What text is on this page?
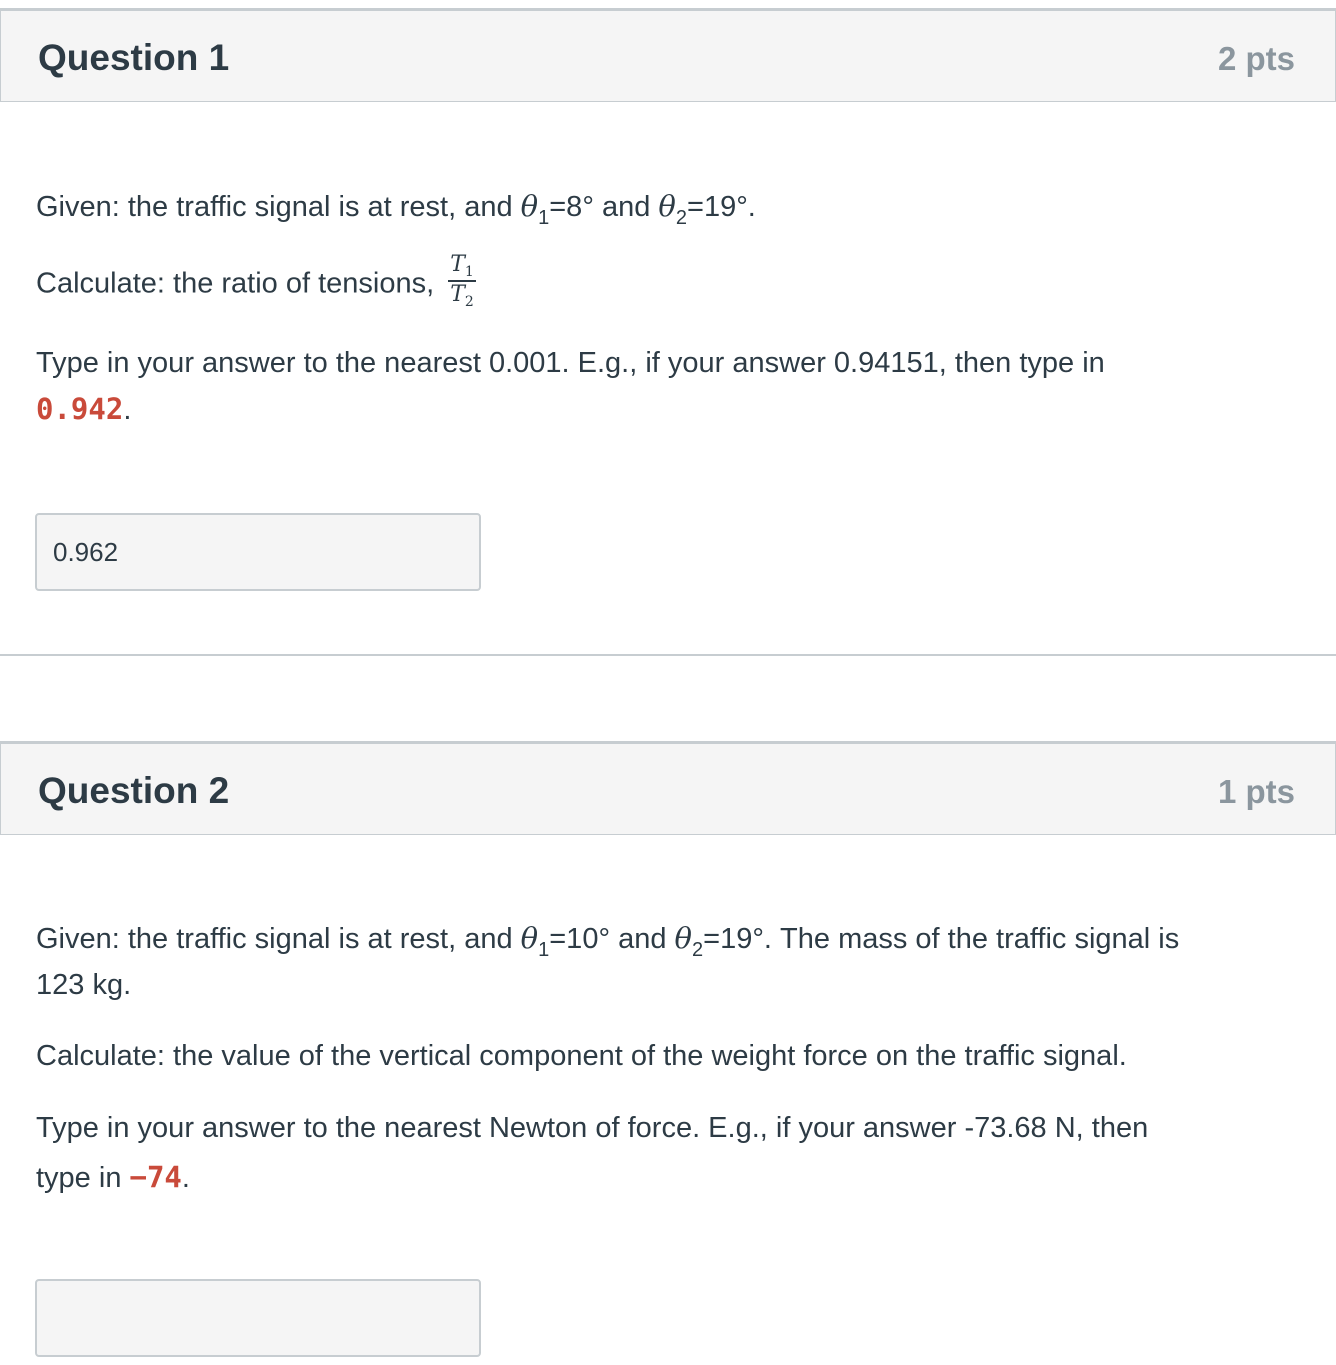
Question 1	2 pts
Given: the traffic signal is at rest, and $\theta_1=8^\circ$ and $\theta_2=19^\circ$.
Calculate: the ratio of tensions, $\frac{T_1}{T_2}$
Type in your answer to the nearest 0.001. E.g., if your answer 0.94151, then type in
0.942.
0.962
Question 2	1 pts
Given: the traffic signal is at rest, and $\theta_1=10^\circ$ and $\theta_2=19^\circ$. The mass of the traffic signal is
123 kg.
Calculate: the value of the vertical component of the weight force on the traffic signal.
Type in your answer to the nearest Newton of force. E.g., if your answer -73.68 N, then
type in −74.
